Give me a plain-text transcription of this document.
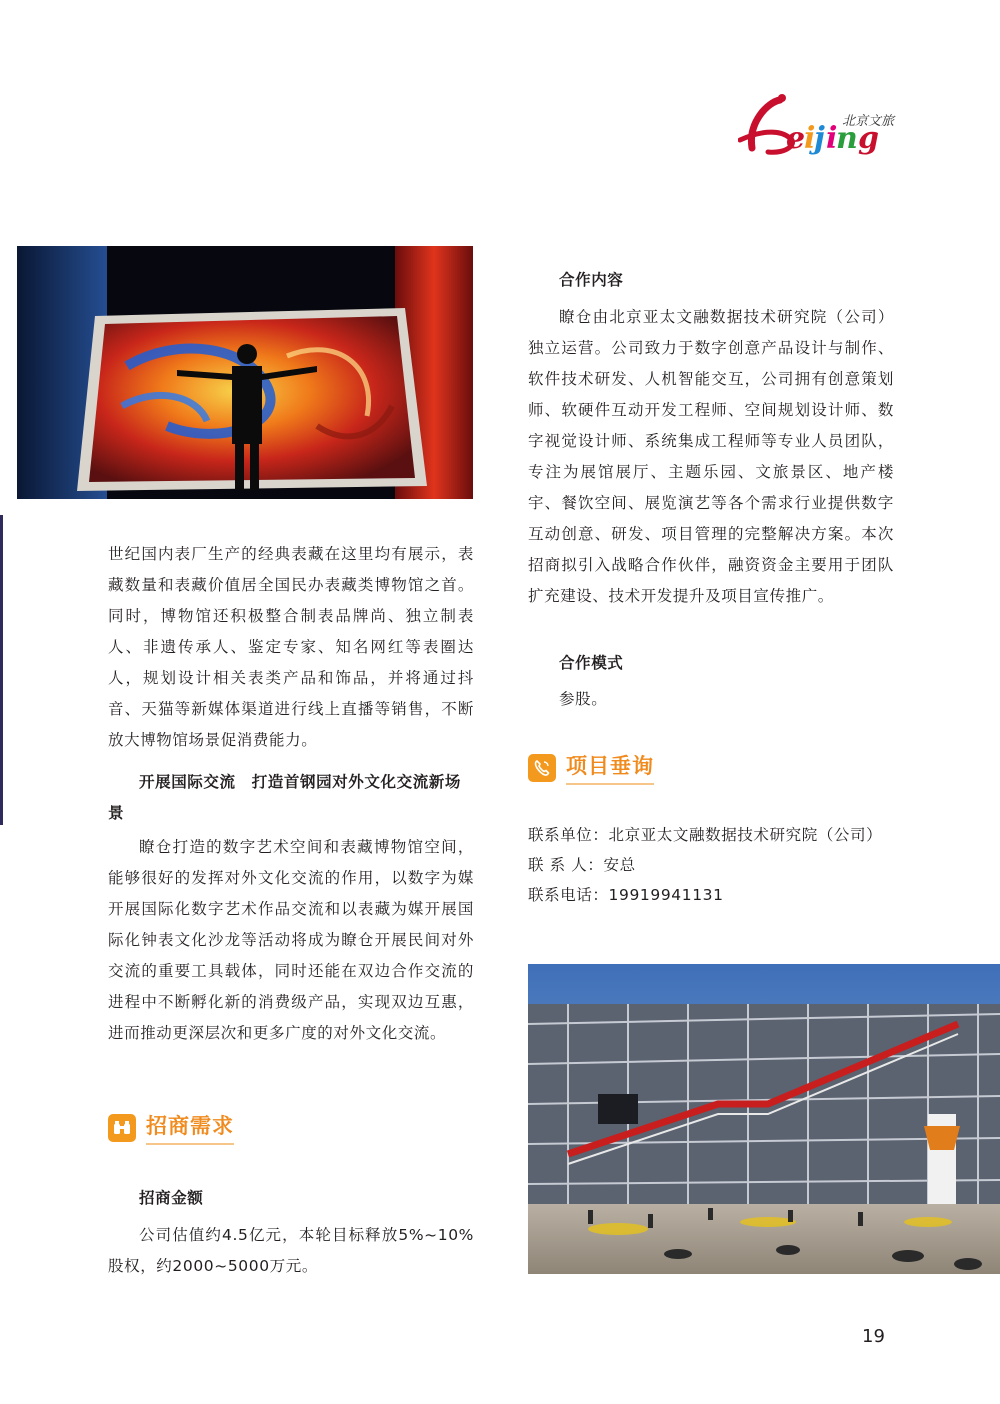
e
i
j i
n g
北京文旅

世纪国内表厂生产的经典表藏在这里均有展示，表藏数量和表藏价值居全国民办表藏类博物馆之首。同时，博物馆还积极整合制表品牌尚、独立制表人、非遗传承人、鉴定专家、知名网红等表圈达人，规划设计相关表类产品和饰品，并将通过抖音、天猫等新媒体渠道进行线上直播等销售，不断放大博物馆场景促消费能力。

开展国际交流　打造首钢园对外文化交流新场景

瞭仓打造的数字艺术空间和表藏博物馆空间，能够很好的发挥对外文化交流的作用，以数字为媒开展国际化数字艺术作品交流和以表藏为媒开展国际化钟表文化沙龙等活动将成为瞭仓开展民间对外交流的重要工具载体，同时还能在双边合作交流的进程中不断孵化新的消费级产品，实现双边互惠，进而推动更深层次和更多广度的对外文化交流。

招商需求

招商金额

公司估值约4.5亿元，本轮目标释放5%~10%股权，约2000~5000万元。

合作内容

瞭仓由北京亚太文融数据技术研究院（公司）独立运营。公司致力于数字创意产品设计与制作、软件技术研发、人机智能交互，公司拥有创意策划师、软硬件互动开发工程师、空间规划设计师、数字视觉设计师、系统集成工程师等专业人员团队，专注为展馆展厅、主题乐园、文旅景区、地产楼宇、餐饮空间、展览演艺等各个需求行业提供数字互动创意、研发、项目管理的完整解决方案。本次招商拟引入战略合作伙伴，融资资金主要用于团队扩充建设、技术开发提升及项目宣传推广。

合作模式

参股。

项目垂询
联系单位： 北京亚太文融数据技术研究院（公司）
联 系 人： 安总
联系电话： 19919941131
19
